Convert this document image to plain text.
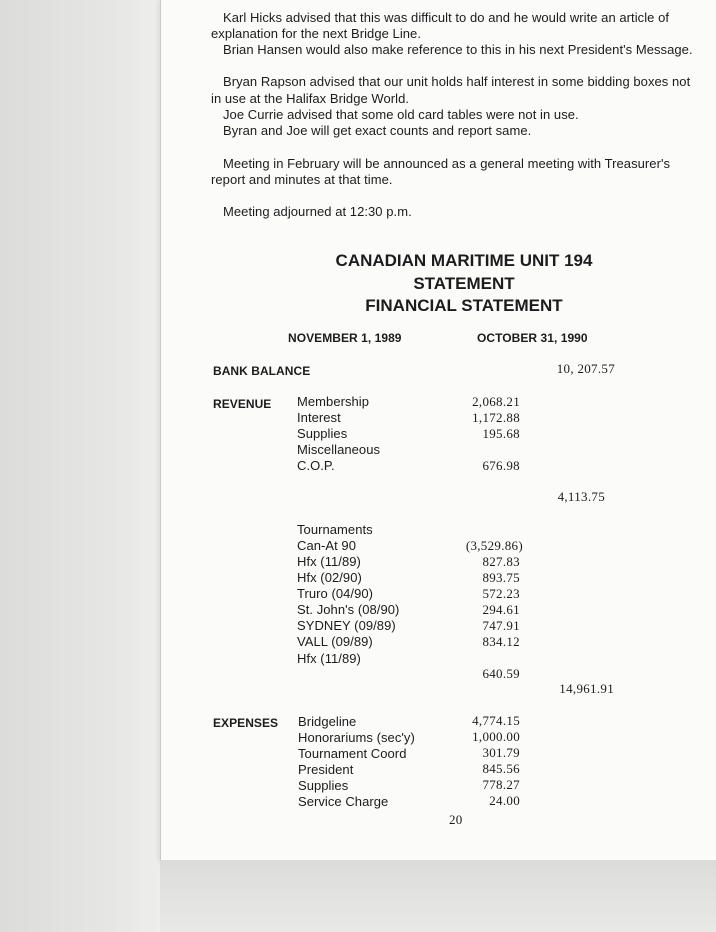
Karl Hicks advised that this was difficult to do and he would write an article of
explanation for the next Bridge Line.
Brian Hansen would also make reference to this in his next President's Message.
Bryan Rapson advised that our unit holds half interest in some bidding boxes not
in use at the Halifax Bridge World.
Joe Currie advised that some old card tables were not in use.
Byran and Joe will get exact counts and report same.
Meeting in February will be announced as a general meeting with Treasurer's
report and minutes at that time.
Meeting adjourned at 12:30 p.m.
CANADIAN MARITIME UNIT 194
STATEMENT
FINANCIAL STATEMENT
NOVEMBER 1, 1989	OCTOBER 31, 1990
BANK BALANCE	10, 207.57
REVENUE Membership	2,068.21
Interest	1,172.88
Supplies	195.68
Miscellaneous
C.O.P.	676.98
4,113.75
Tournaments
Can-At 90	(3,529.86)
Hfx (11/89)	827.83
Hfx (02/90)	893.75
Truro (04/90)	572.23
St. John's (08/90)	294.61
SYDNEY (09/89)	747.91
VALL (09/89)	834.12
Hfx (11/89)
640.59
14,961.91
EXPENSES Bridgeline	4,774.15
Honorariums (sec'y)	1,000.00
Tournament Coord	301.79
President	845.56
Supplies	778.27
Service Charge	24.00
20
